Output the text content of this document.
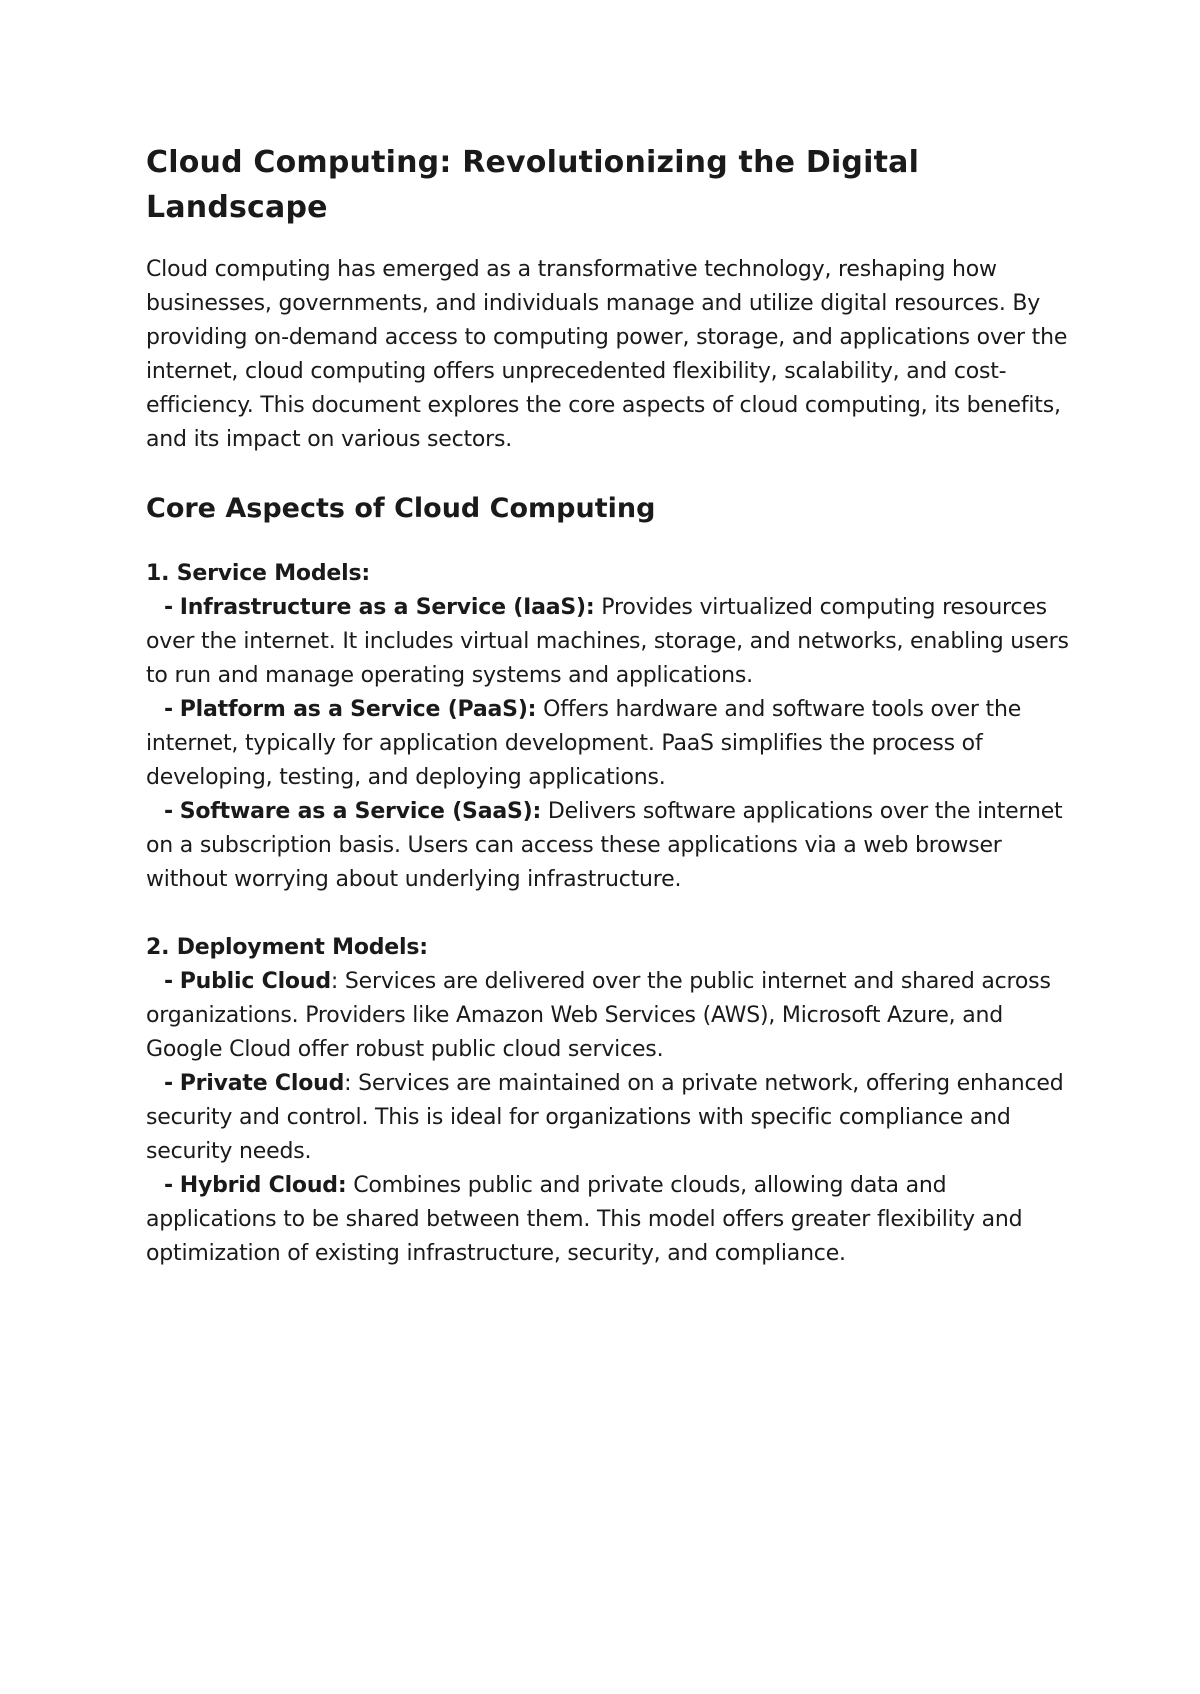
Cloud Computing: Revolutionizing the Digital Landscape

Cloud computing has emerged as a transformative technology, reshaping how businesses, governments, and individuals manage and utilize digital resources. By providing on-demand access to computing power, storage, and applications over the internet, cloud computing offers unprecedented flexibility, scalability, and cost-efficiency. This document explores the core aspects of cloud computing, its benefits, and its impact on various sectors.

Core Aspects of Cloud Computing
1. Service Models:
- Infrastructure as a Service (IaaS): Provides virtualized computing resources over the internet. It includes virtual machines, storage, and networks, enabling users to run and manage operating systems and applications.
- Platform as a Service (PaaS): Offers hardware and software tools over the internet, typically for application development. PaaS simplifies the process of developing, testing, and deploying applications.
- Software as a Service (SaaS): Delivers software applications over the internet on a subscription basis. Users can access these applications via a web browser without worrying about underlying infrastructure.
2. Deployment Models:
- Public Cloud: Services are delivered over the public internet and shared across organizations. Providers like Amazon Web Services (AWS), Microsoft Azure, and Google Cloud offer robust public cloud services.
- Private Cloud: Services are maintained on a private network, offering enhanced security and control. This is ideal for organizations with specific compliance and security needs.
- Hybrid Cloud: Combines public and private clouds, allowing data and applications to be shared between them. This model offers greater flexibility and optimization of existing infrastructure, security, and compliance.
